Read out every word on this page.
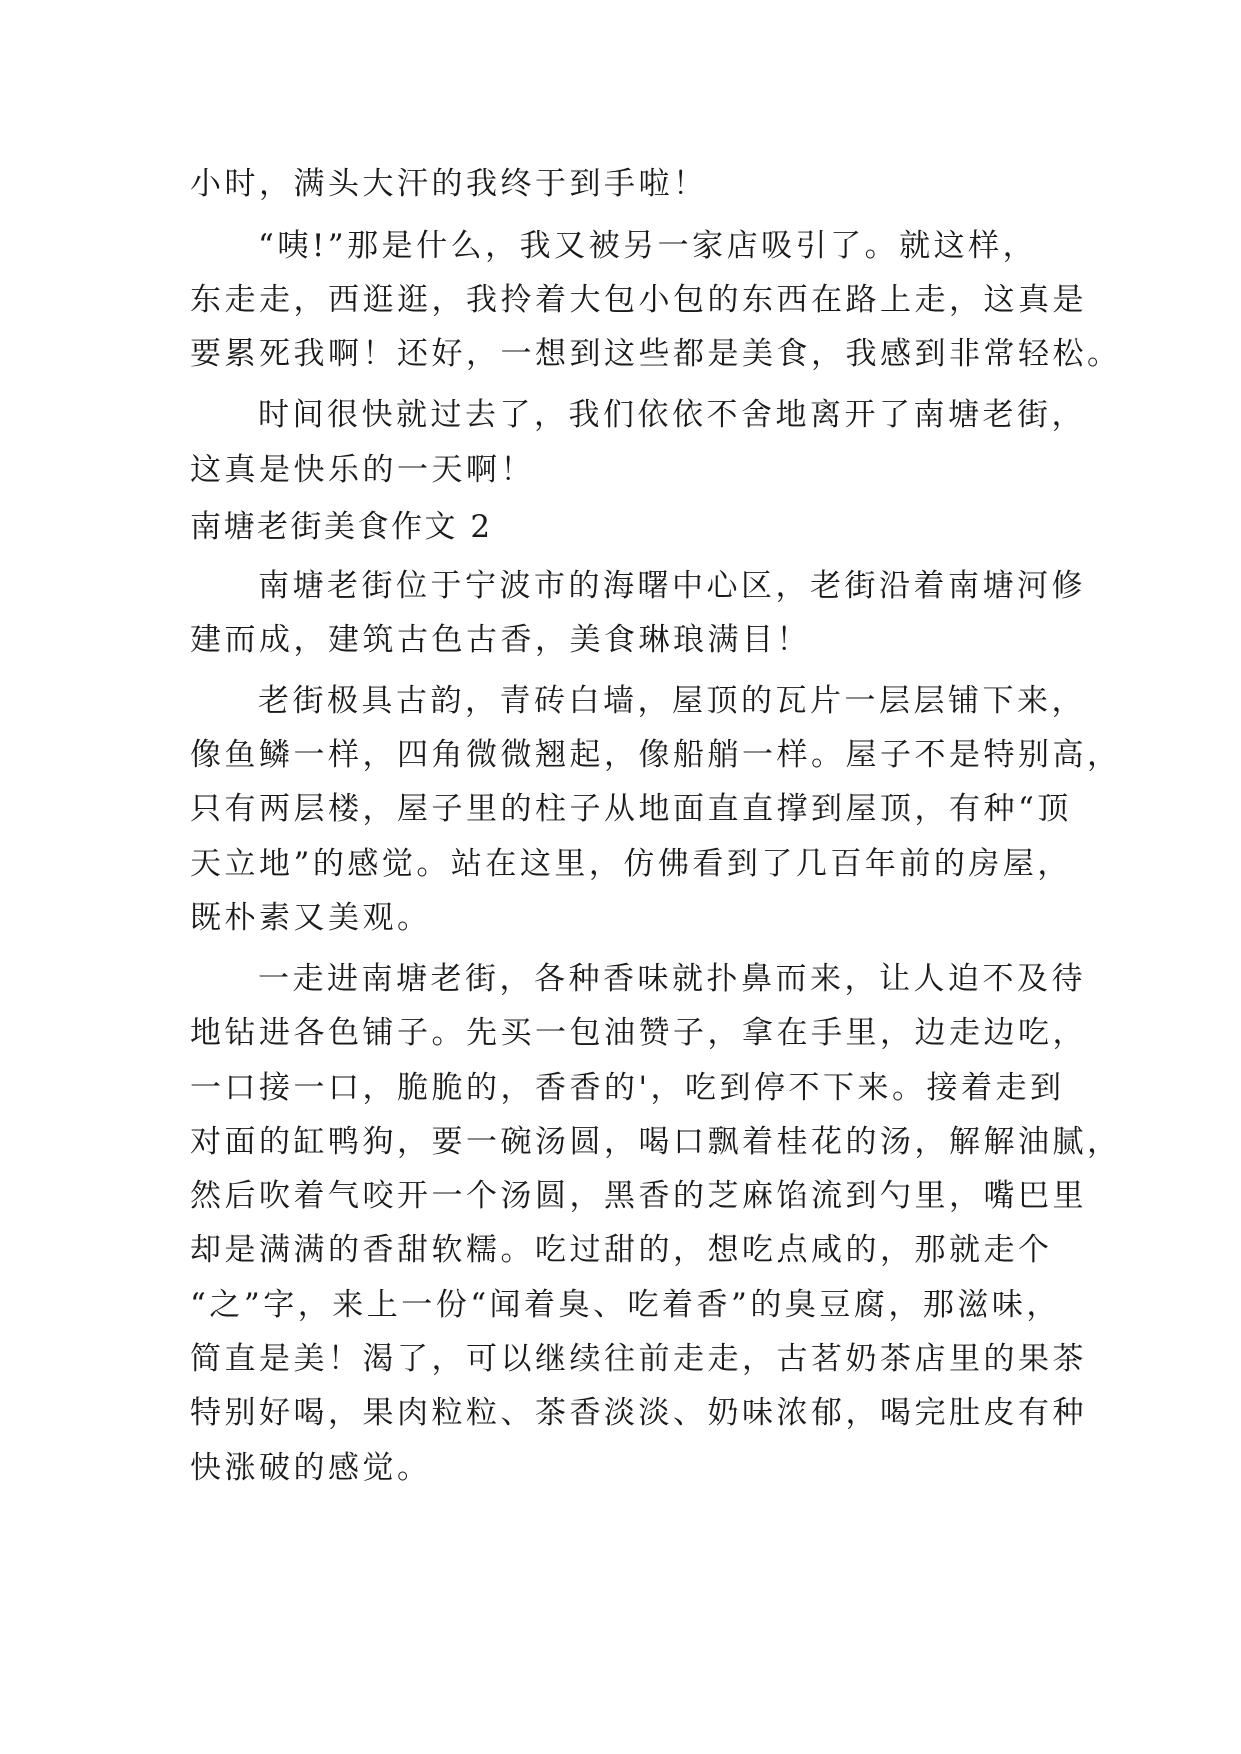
小时，满头大汗的我终于到手啦！
“咦!”那是什么，我又被另一家店吸引了。就这样，
东走走，西逛逛，我拎着大包小包的东西在路上走，这真是
要累死我啊！还好，一想到这些都是美食，我感到非常轻松。
时间很快就过去了，我们依依不舍地离开了南塘老街，
这真是快乐的一天啊！
南塘老街美食作文 2
南塘老街位于宁波市的海曙中心区，老街沿着南塘河修
建而成，建筑古色古香，美食琳琅满目！
老街极具古韵，青砖白墙，屋顶的瓦片一层层铺下来，
像鱼鳞一样，四角微微翘起，像船艄一样。屋子不是特别高，
只有两层楼，屋子里的柱子从地面直直撑到屋顶，有种“顶
天立地”的感觉。站在这里，仿佛看到了几百年前的房屋，
既朴素又美观。
一走进南塘老街，各种香味就扑鼻而来，让人迫不及待
地钻进各色铺子。先买一包油赞子，拿在手里，边走边吃，
一口接一口，脆脆的，香香的'，吃到停不下来。接着走到
对面的缸鸭狗，要一碗汤圆，喝口飘着桂花的汤，解解油腻，
然后吹着气咬开一个汤圆，黑香的芝麻馅流到勺里，嘴巴里
却是满满的香甜软糯。吃过甜的，想吃点咸的，那就走个
“之”字，来上一份“闻着臭、吃着香”的臭豆腐，那滋味，
简直是美！渴了，可以继续往前走走，古茗奶茶店里的果茶
特别好喝，果肉粒粒、茶香淡淡、奶味浓郁，喝完肚皮有种
快涨破的感觉。
